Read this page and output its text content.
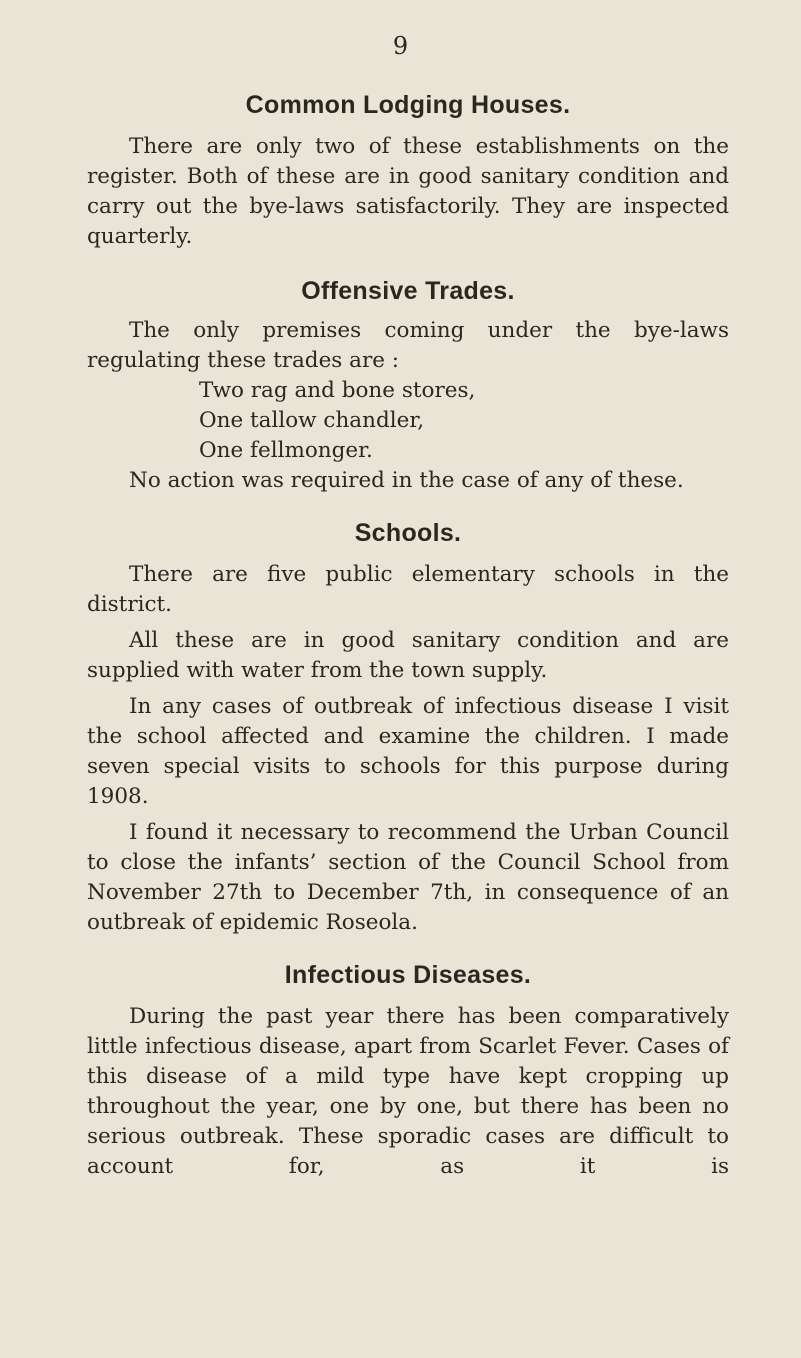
9
Common Lodging Houses.

There are only two of these establishments on the register. Both of these are in good sanitary condition and carry out the bye-laws satisfactorily. They are inspected quarterly.

Offensive Trades.

The only premises coming under the bye-laws regulating these trades are :

Two rag and bone stores,

One tallow chandler,

One fellmonger.

No action was required in the case of any of these.

Schools.

There are five public elementary schools in the district.

All these are in good sanitary condition and are supplied with water from the town supply.

In any cases of outbreak of infectious disease I visit the school affected and examine the children. I made seven special visits to schools for this purpose during 1908.

I found it necessary to recommend the Urban Council to close the infants’ section of the Council School from November 27th to December 7th, in consequence of an outbreak of epidemic Roseola.

Infectious Diseases.

During the past year there has been comparatively little infectious disease, apart from Scarlet Fever. Cases of this disease of a mild type have kept cropping up throughout the year, one by one, but there has been no serious outbreak. These sporadic cases are difficult to account for, as it is
